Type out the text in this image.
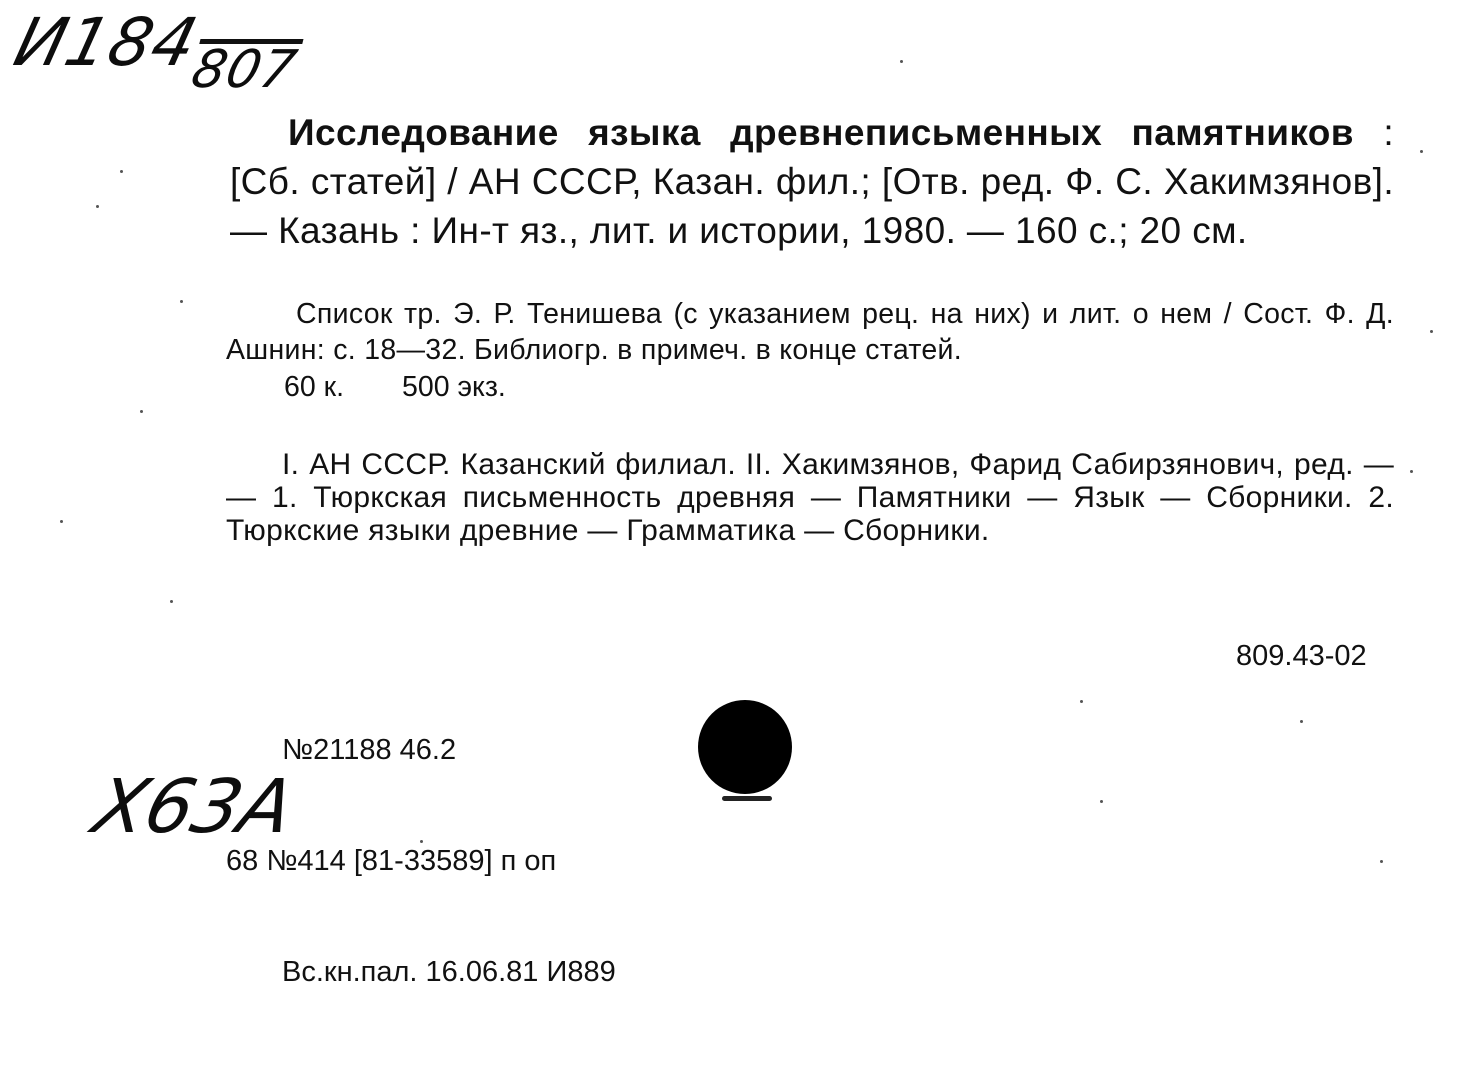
И184807
Исследование языка древнеписьменных памятников : [Сб. статей] / АН СССР, Казан. фил.; [Отв. ред. Ф. С. Хакимзянов]. — Казань : Ин-т яз., лит. и истории, 1980. — 160 с.; 20 см.
Список тр. Э. Р. Тенишева (с указанием рец. на них) и лит. о нем / Сост. Ф. Д. Ашнин: с. 18—32. Библиогр. в примеч. в конце статей.
60 к. 500 экз.
I. АН СССР. Казанский филиал. II. Хакимзянов, Фарид Сабирзянович, ред. — — 1. Тюркская письменность древняя — Памятники — Язык — Сборники. 2. Тюркские языки древние — Грамматика — Сборники.
809.43-02

№21188 46.2

68 №414 [81-33589] п оп

Вс.кн.пал. 16.06.81 И889

Х63А
